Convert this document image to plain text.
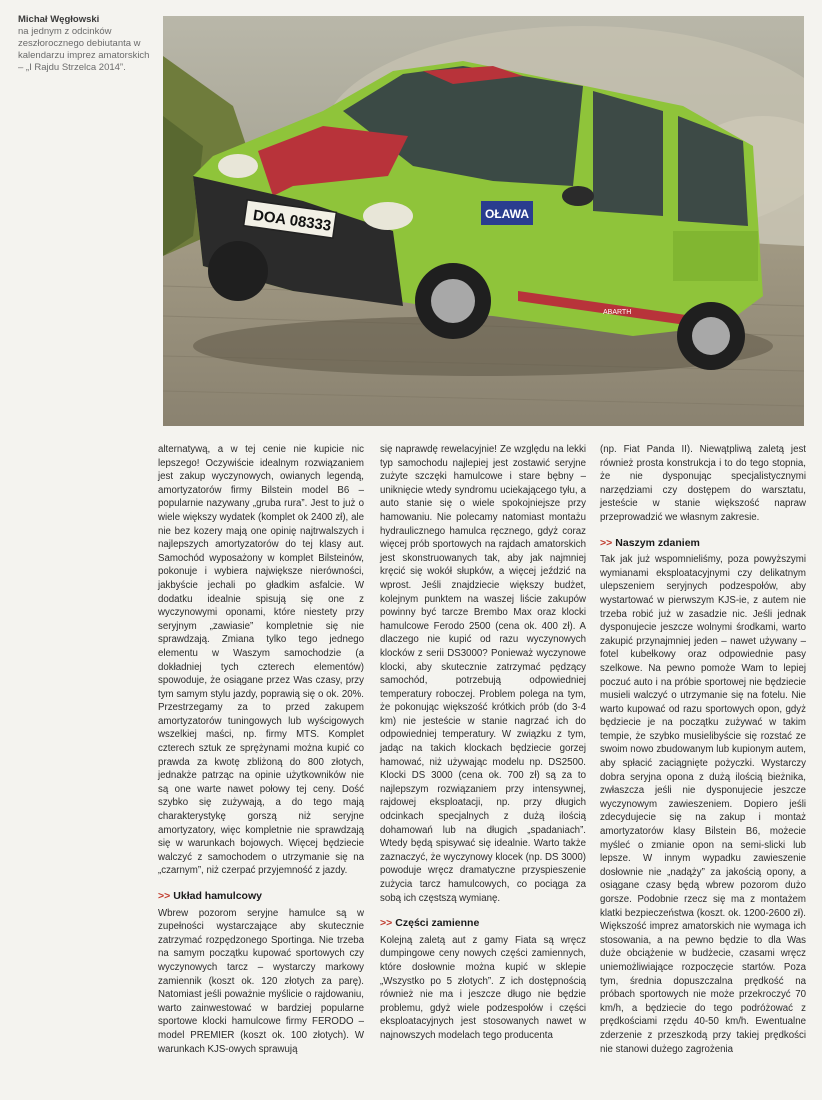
Michał Węgłowski
na jednym z odcinków zeszłorocznego debiutanta w kalendarzu imprez amatorskich – „I Rajdu Strzelca 2014”.
DOA 08333	OŁAWA
ABARTH

alternatywą, a w tej cenie nie kupicie nic lepszego! Oczywiście idealnym rozwiązaniem jest zakup wyczynowych, owianych legendą, amortyzatorów firmy Bilstein model B6 – popularnie nazywany „gruba rura”. Jest to już o wiele większy wydatek (komplet ok 2400 zł), ale nie bez kozery mają one opinię najtrwalszych i najlepszych amortyzatorów do tej klasy aut. Samochód wyposażony w komplet Bilsteinów, pokonuje i wybiera największe nierówności, jakbyście jechali po gładkim asfalcie. W dodatku idealnie spisują się one z wyczynowymi oponami, które niestety przy seryjnym „zawiasie” kompletnie się nie sprawdzają. Zmiana tylko tego jednego elementu w Waszym samochodzie (a dokładniej tych czterech elementów) spowoduje, że osiągane przez Was czasy, przy tym samym stylu jazdy, poprawią się o ok. 20%. Przestrzegamy za to przed zakupem amortyzatorów tuningowych lub wyścigowych wszelkiej maści, np. firmy MTS. Komplet czterech sztuk ze sprężynami można kupić co prawda za kwotę zbliżoną do 800 złotych, jednakże patrząc na opinie użytkowników nie są one warte nawet połowy tej ceny. Dość szybko się zużywają, a do tego mają charakterystykę gorszą niż seryjne amortyzatory, więc kompletnie nie sprawdzają się w warunkach bojowych. Więcej będziecie walczyć z samochodem o utrzymanie się na „czarnym”, niż czerpać przyjemność z jazdy.

>> Układ hamulcowy

Wbrew pozorom seryjne hamulce są w zupełności wystarczające aby skutecznie zatrzymać rozpędzonego Sportinga. Nie trzeba na samym początku kupować sportowych czy wyczynowych tarcz – wystarczy markowy zamiennik (koszt ok. 120 złotych za parę). Natomiast jeśli poważnie myślicie o rajdowaniu, warto zainwestować w bardziej popularne sportowe klocki hamulcowe firmy FERODO – model PREMIER (koszt ok. 100 złotych). W warunkach KJS-owych sprawują

się naprawdę rewelacyjnie! Ze względu na lekki typ samochodu najlepiej jest zostawić seryjne zużyte szczęki hamulcowe i stare bębny – uniknięcie wtedy syndromu uciekającego tyłu, a auto stanie się o wiele spokojniejsze przy hamowaniu. Nie polecamy natomiast montażu hydraulicznego hamulca ręcznego, gdyż coraz więcej prób sportowych na rajdach amatorskich jest skonstruowanych tak, aby jak najmniej kręcić się wokół słupków, a więcej jeździć na wprost. Jeśli znajdziecie większy budżet, kolejnym punktem na waszej liście zakupów powinny być tarcze Brembo Max oraz klocki hamulcowe Ferodo 2500 (cena ok. 400 zł). A dlaczego nie kupić od razu wyczynowych klocków z serii DS3000? Ponieważ wyczynowe klocki, aby skutecznie zatrzymać pędzący samochód, potrzebują odpowiedniej temperatury roboczej. Problem polega na tym, że pokonując większość krótkich prób (do 3-4 km) nie jesteście w stanie nagrzać ich do odpowiedniej temperatury. W związku z tym, jadąc na takich klockach będziecie gorzej hamować, niż używając modelu np. DS2500. Klocki DS 3000 (cena ok. 700 zł) są za to najlepszym rozwiązaniem przy intensywnej, rajdowej eksploatacji, np. przy długich odcinkach specjalnych z dużą ilością dohamowań lub na długich „spadaniach”. Wtedy będą spisywać się idealnie. Warto także zaznaczyć, że wyczynowy klocek (np. DS 3000) powoduje wręcz dramatyczne przyspieszenie zużycia tarcz hamulcowych, co pociąga za sobą ich częstszą wymianę.

>> Części zamienne

Kolejną zaletą aut z gamy Fiata są wręcz dumpingowe ceny nowych części zamiennych, które dosłownie można kupić w sklepie „Wszystko po 5 złotych”. Z ich dostępnością również nie ma i jeszcze długo nie będzie problemu, gdyż wiele podzespołów i części eksploatacyjnych jest stosowanych nawet w najnowszych modelach tego producenta

(np. Fiat Panda II). Niewątpliwą zaletą jest również prosta konstrukcja i to do tego stopnia, że nie dysponując specjalistycznymi narzędziami czy dostępem do warsztatu, jesteście w stanie większość napraw przeprowadzić we własnym zakresie.

>> Naszym zdaniem

Tak jak już wspomnieliśmy, poza powyższymi wymianami eksploatacyjnymi czy delikatnym ulepszeniem seryjnych podzespołów, aby wystartować w pierwszym KJS-ie, z autem nie trzeba robić już w zasadzie nic. Jeśli jednak dysponujecie jeszcze wolnymi środkami, warto zakupić przynajmniej jeden – nawet używany – fotel kubełkowy oraz odpowiednie pasy szelkowe. Na pewno pomoże Wam to lepiej poczuć auto i na próbie sportowej nie będziecie musieli walczyć o utrzymanie się na fotelu. Nie warto kupować od razu sportowych opon, gdyż będziecie je na początku zużywać w takim tempie, że szybko musielibyście się rozstać ze swoim nowo zbudowanym lub kupionym autem, aby spłacić zaciągnięte pożyczki. Wystarczy dobra seryjna opona z dużą ilością bieżnika, zwłaszcza jeśli nie dysponujecie jeszcze wyczynowym zawieszeniem. Dopiero jeśli zdecydujecie się na zakup i montaż amortyzatorów klasy Bilstein B6, możecie myśleć o zmianie opon na semi-slicki lub lepsze. W innym wypadku zawieszenie dosłownie nie „nadąży” za jakością opony, a osiągane czasy będą wbrew pozorom dużo gorsze. Podobnie rzecz się ma z montażem klatki bezpieczeństwa (koszt. ok. 1200-2600 zł). Większość imprez amatorskich nie wymaga ich stosowania, a na pewno będzie to dla Was duże obciążenie w budżecie, czasami wręcz uniemożliwiające rozpoczęcie startów. Poza tym, średnia dopuszczalna prędkość na próbach sportowych nie może przekroczyć 70 km/h, a będziecie do tego podróżować z prędkościami rzędu 40-50 km/h. Ewentualne zderzenie z przeszkodą przy takiej prędkości nie stanowi dużego zagrożenia
